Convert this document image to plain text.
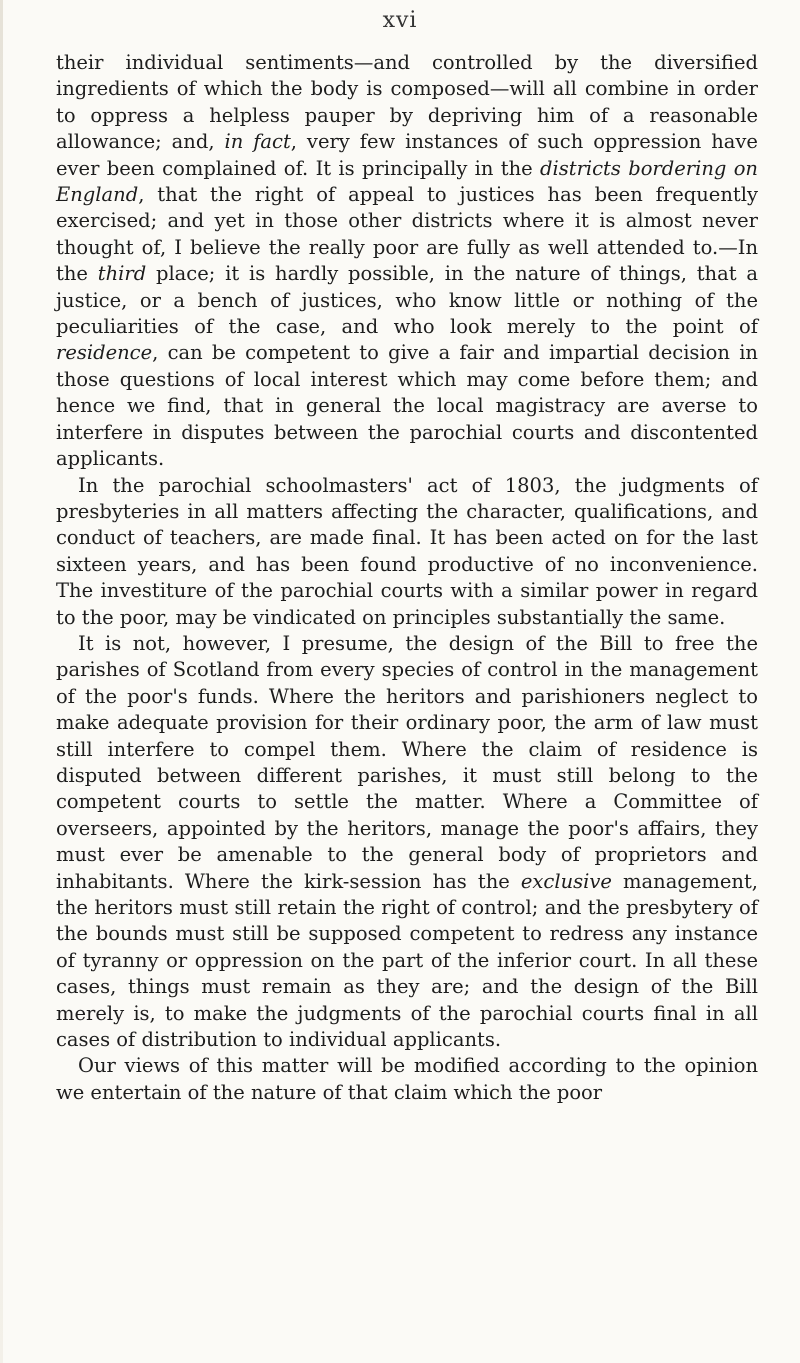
xvi

their individual sentiments—and controlled by the diversified ingredients of which the body is composed—will all combine in order to oppress a helpless pauper by depriving him of a reasonable allowance; and, in fact, very few instances of such oppression have ever been complained of. It is principally in the districts bordering on England, that the right of appeal to justices has been frequently exercised; and yet in those other districts where it is almost never thought of, I believe the really poor are fully as well attended to.—In the third place; it is hardly possible, in the nature of things, that a justice, or a bench of justices, who know little or nothing of the peculiarities of the case, and who look merely to the point of residence, can be competent to give a fair and impartial decision in those questions of local interest which may come before them; and hence we find, that in general the local magistracy are averse to interfere in disputes between the parochial courts and discontented applicants.

In the parochial schoolmasters' act of 1803, the judgments of presbyteries in all matters affecting the character, qualifications, and conduct of teachers, are made final. It has been acted on for the last sixteen years, and has been found productive of no inconvenience. The investiture of the parochial courts with a similar power in regard to the poor, may be vindicated on principles substantially the same.

It is not, however, I presume, the design of the Bill to free the parishes of Scotland from every species of control in the management of the poor's funds. Where the heritors and parishioners neglect to make adequate provision for their ordinary poor, the arm of law must still interfere to compel them. Where the claim of residence is disputed between different parishes, it must still belong to the competent courts to settle the matter. Where a Committee of overseers, appointed by the heritors, manage the poor's affairs, they must ever be amenable to the general body of proprietors and inhabitants. Where the kirk-session has the exclusive management, the heritors must still retain the right of control; and the presbytery of the bounds must still be supposed competent to redress any instance of tyranny or oppression on the part of the inferior court. In all these cases, things must remain as they are; and the design of the Bill merely is, to make the judgments of the parochial courts final in all cases of distribution to individual applicants.

Our views of this matter will be modified according to the opinion we entertain of the nature of that claim which the poor
